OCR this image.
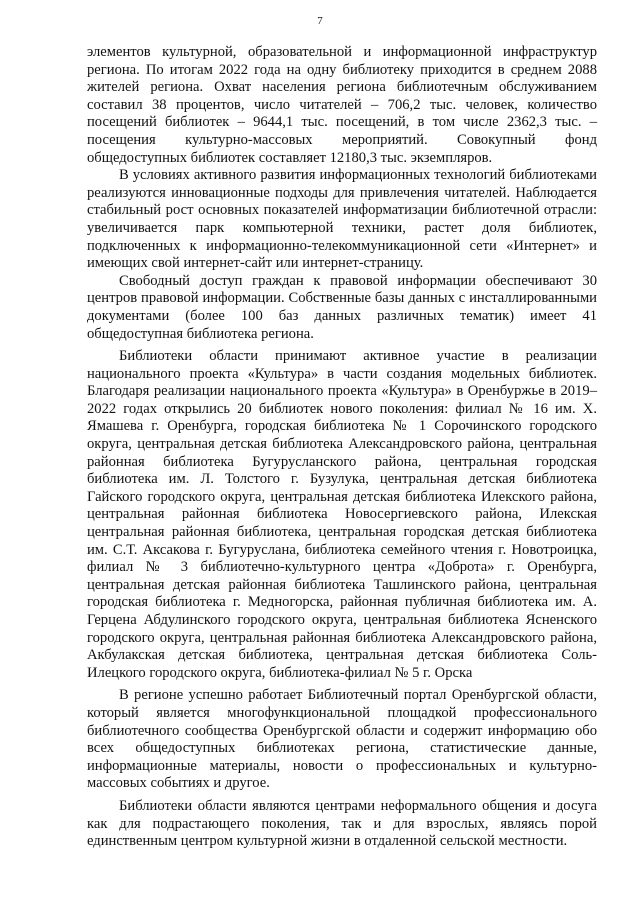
7

элементов культурной, образовательной и информационной инфраструктур региона. По итогам 2022 года на одну библиотеку приходится в среднем 2088 жителей региона. Охват населения региона библиотечным обслуживанием составил 38 процентов, число читателей – 706,2 тыс. человек, количество посещений библиотек – 9644,1 тыс. посещений, в том числе 2362,3 тыс. – посещения культурно-массовых мероприятий. Совокупный фонд общедоступных библиотек составляет 12180,3 тыс. экземпляров.

В условиях активного развития информационных технологий библиотеками реализуются инновационные подходы для привлечения читателей. Наблюдается стабильный рост основных показателей информатизации библиотечной отрасли: увеличивается парк компьютерной техники, растет доля библиотек, подключенных к информационно-телекоммуникационной сети «Интернет» и имеющих свой интернет-сайт или интернет-страницу.

Свободный доступ граждан к правовой информации обеспечивают 30 центров правовой информации. Собственные базы данных с инсталлированными документами (более 100 баз данных различных тематик) имеет 41 общедоступная библиотека региона.

Библиотеки области принимают активное участие в реализации национального проекта «Культура» в части создания модельных библиотек. Благодаря реализации национального проекта «Культура» в Оренбуржье в 2019–2022 годах открылись 20 библиотек нового поколения: филиал № 16 им. Х. Ямашева г. Оренбурга, городская библиотека № 1 Сорочинского городского округа, центральная детская библиотека Александровского района, центральная районная библиотека Бугурусланского района, центральная городская библиотека им. Л. Толстого г. Бузулука, центральная детская библиотека Гайского городского округа, центральная детская библиотека Илекского района, центральная районная библиотека Новосергиевского района, Илекская центральная районная библиотека, центральная городская детская библиотека им. С.Т. Аксакова г. Бугуруслана, библиотека семейного чтения г. Новотроицка, филиал № 3 библиотечно-культурного центра «Доброта» г. Оренбурга, центральная детская районная библиотека Ташлинского района, центральная городская библиотека г. Медногорска, районная публичная библиотека им. А. Герцена Абдулинского городского округа, центральная библиотека Ясненского городского округа, центральная районная библиотека Александровского района, Акбулакская детская библиотека, центральная детская библиотека Соль-Илецкого городского округа, библиотека-филиал № 5 г. Орска

В регионе успешно работает Библиотечный портал Оренбургской области, который является многофункциональной площадкой профессионального библиотечного сообщества Оренбургской области и содержит информацию обо всех общедоступных библиотеках региона, статистические данные, информационные материалы, новости о профессиональных и культурно-массовых событиях и другое.

Библиотеки области являются центрами неформального общения и досуга как для подрастающего поколения, так и для взрослых, являясь порой единственным центром культурной жизни в отдаленной сельской местности.
